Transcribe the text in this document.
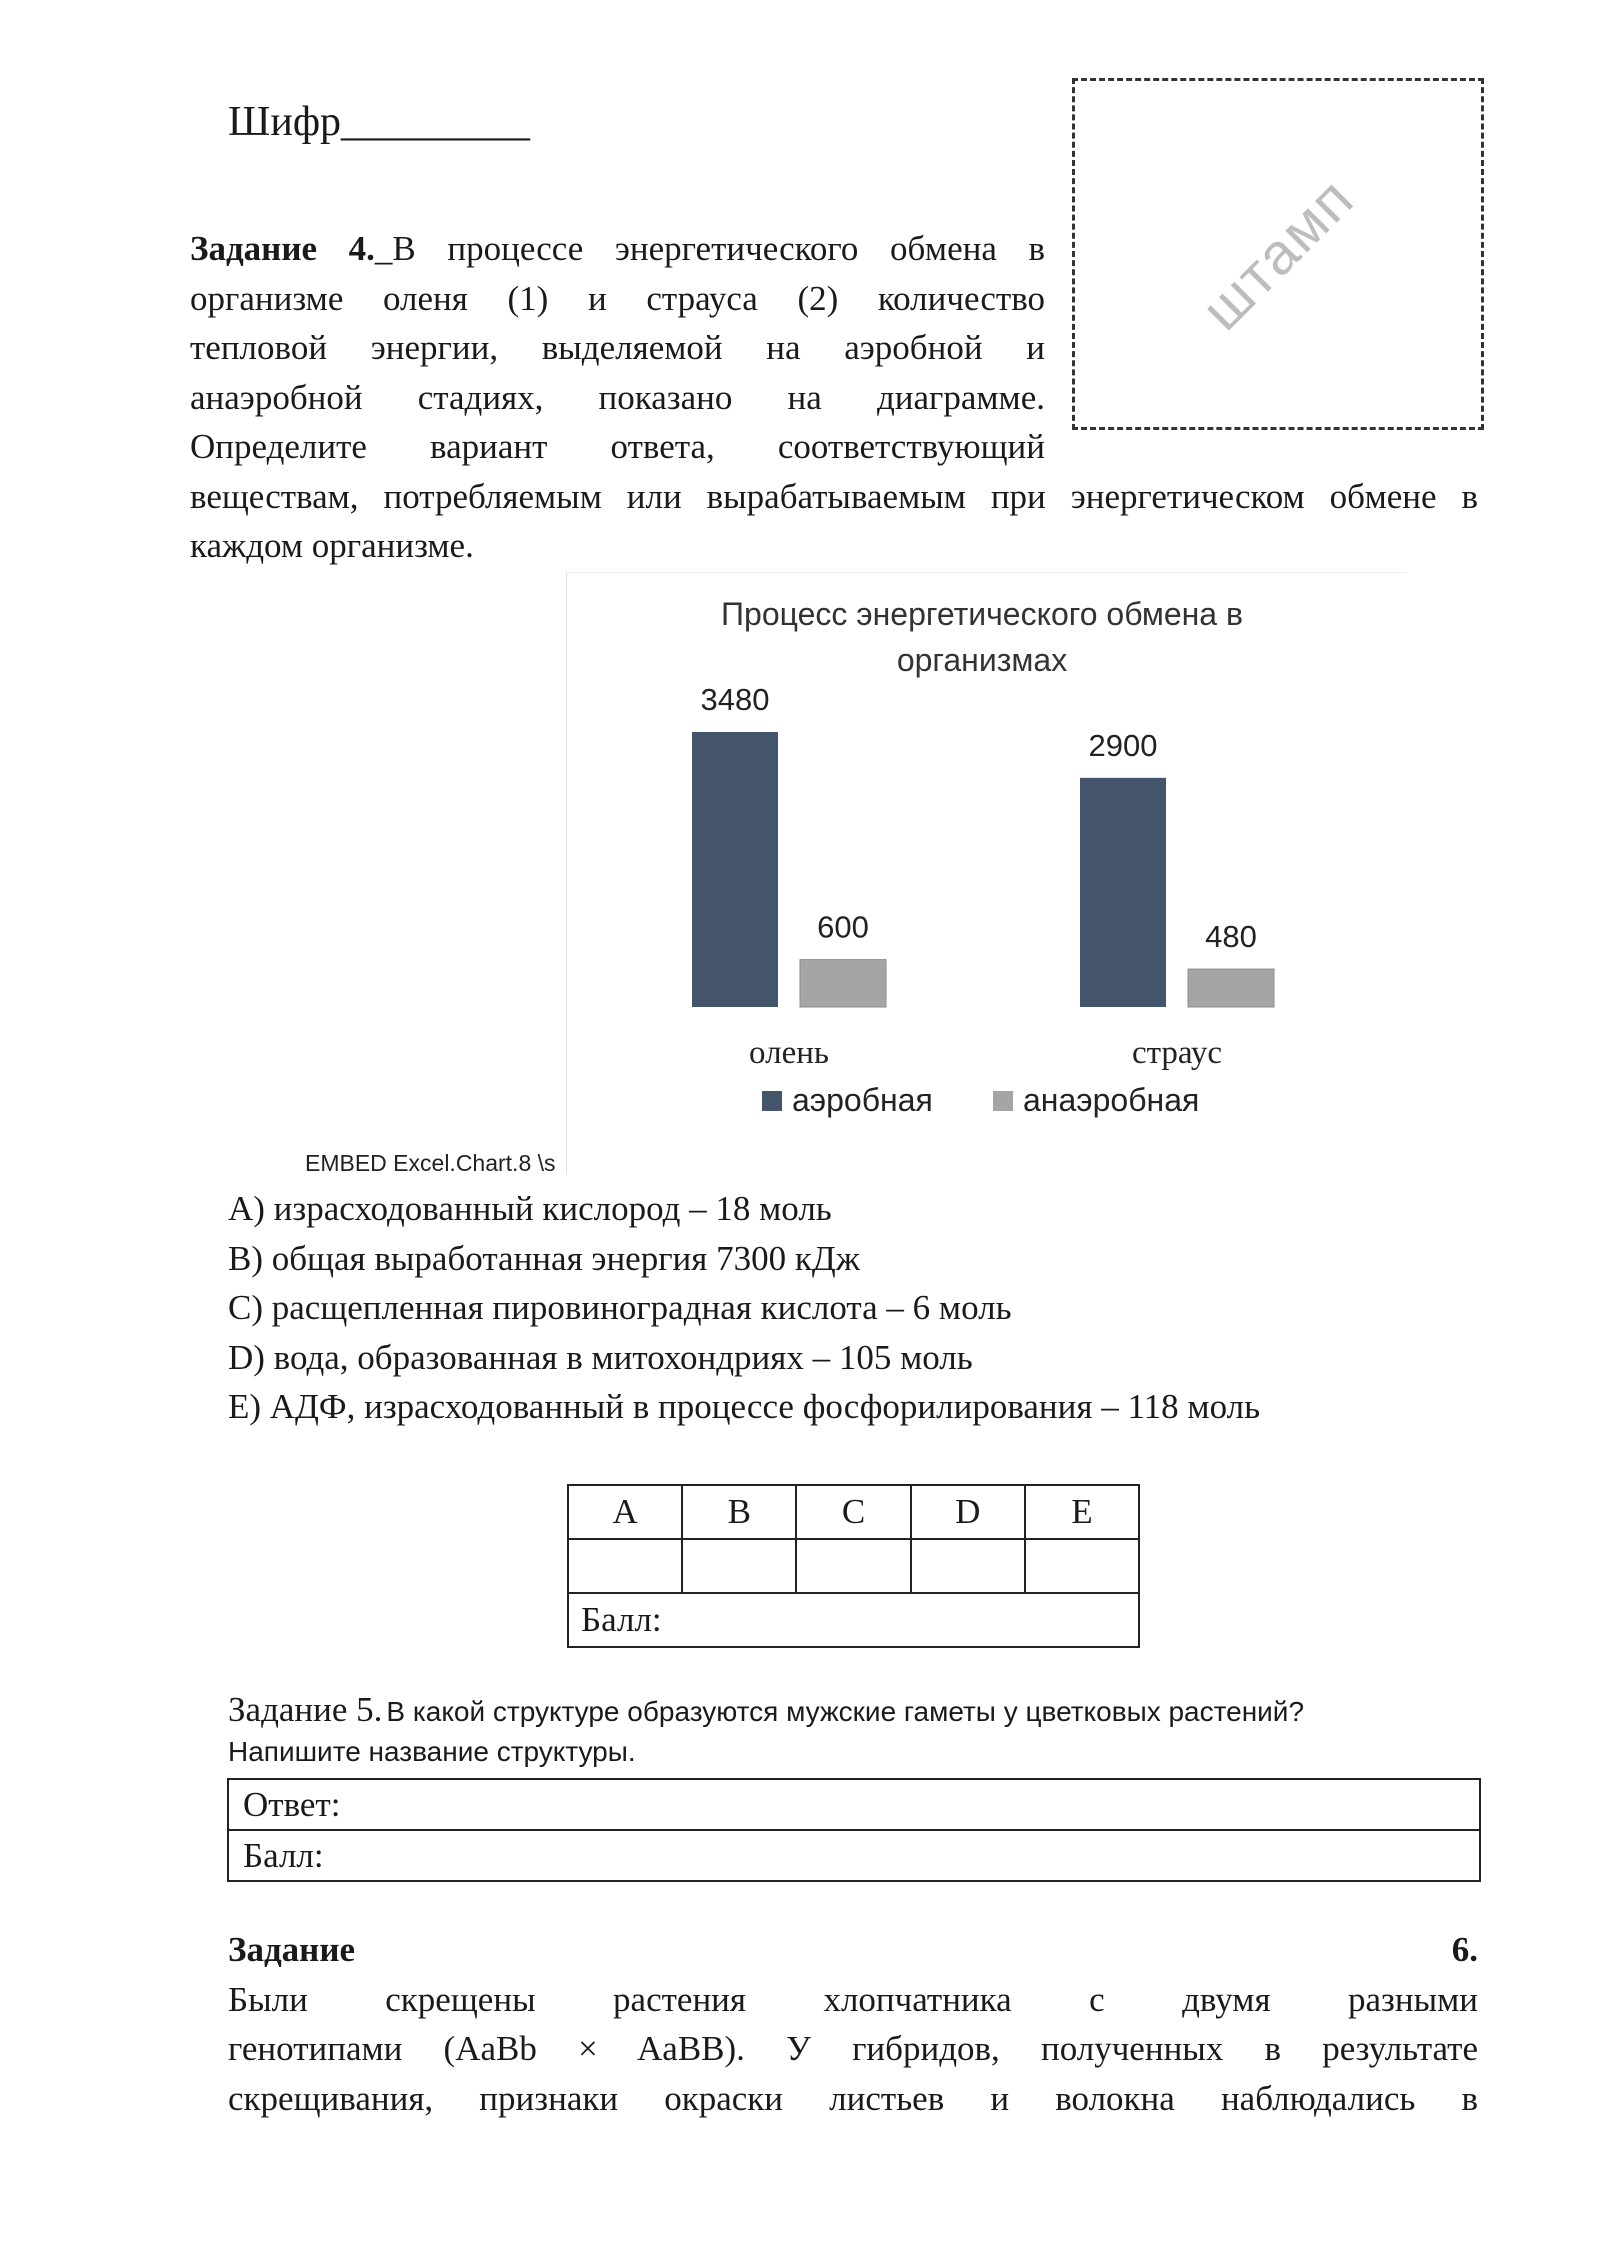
Шифр_________
штамп
Задание 4._В процессе энергетического обмена в
организме оленя (1) и страуса (2) количество
тепловой энергии, выделяемой на аэробной и
анаэробной стадиях, показано на диаграмме.
Определите вариант ответа, соответствующий
веществам, потребляемым или вырабатываемым при энергетическом обмене в
каждом организме.
Процесс энергетического обмена в
организмах
3480
600
олень
2900
480
страус
аэробная	анаэробная
EMBED Excel.Chart.8 \s
A) израсходованный кислород – 18 моль
B) общая выработанная энергия 7300 кДж
C) расщепленная пировиноградная кислота – 6 моль
D) вода, образованная в митохондриях – 105 моль
E) АДФ, израсходованный в процессе фосфорилирования – 118 моль
A	B	C	D	E

Балл:				
Задание 5. В какой структуре образуются мужские гаметы у цветковых растений?
Напишите название структуры.
Ответ:
Балл:
Задание 6.
Были скрещены растения хлопчатника с двумя разными
генотипами (AaBb × AaBB). У гибридов, полученных в результате
скрещивания, признаки окраски листьев и волокна наблюдались в
